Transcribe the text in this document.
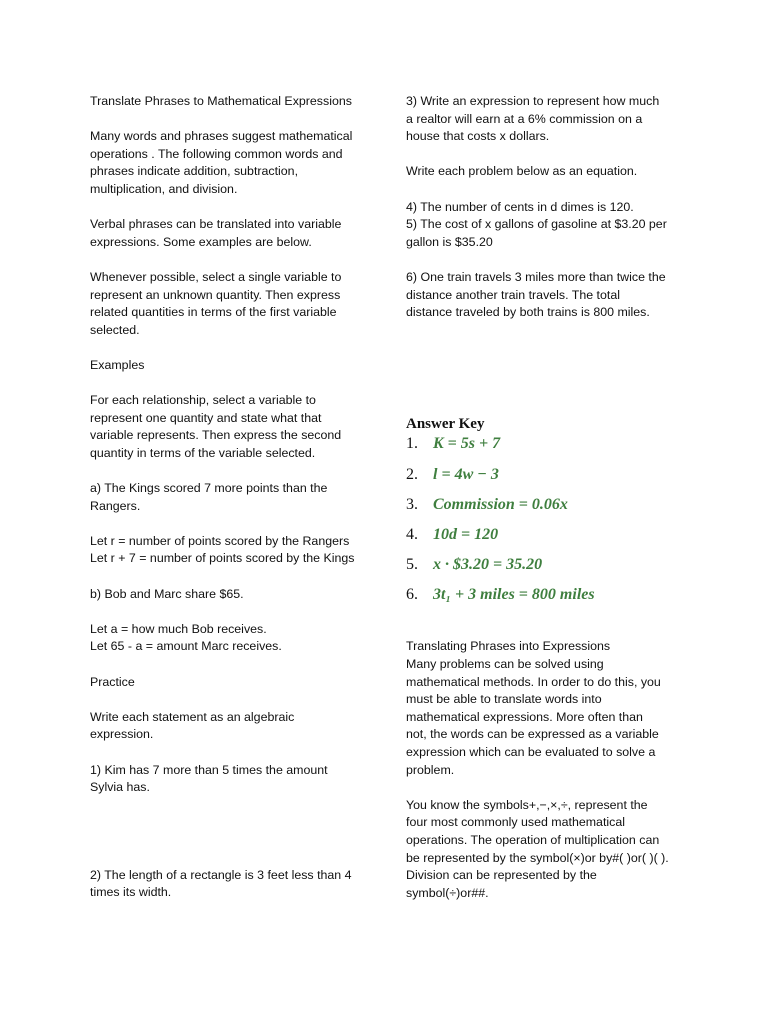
Translate Phrases to Mathematical Expressions

Many words and phrases suggest mathematical
operations . The following common words and
phrases indicate addition, subtraction,
multiplication, and division.

Verbal phrases can be translated into variable
expressions. Some examples are below.

Whenever possible, select a single variable to
represent an unknown quantity. Then express
related quantities in terms of the first variable
selected.

Examples

For each relationship, select a variable to
represent one quantity and state what that
variable represents. Then express the second
quantity in terms of the variable selected.

a) The Kings scored 7 more points than the
Rangers.

Let r = number of points scored by the Rangers
Let r + 7 = number of points scored by the Kings

b) Bob and Marc share $65.

Let a = how much Bob receives.
Let 65 - a = amount Marc receives.

Practice

Write each statement as an algebraic
expression.

1) Kim has 7 more than 5 times the amount
Sylvia has.

2) The length of a rectangle is 3 feet less than 4
times its width.

3) Write an expression to represent how much
a realtor will earn at a 6% commission on a
house that costs x dollars.

Write each problem below as an equation.

4) The number of cents in d dimes is 120.
5) The cost of x gallons of gasoline at $3.20 per
gallon is $35.20

6) One train travels 3 miles more than twice the
distance another train travels. The total
distance traveled by both trains is 800 miles.

Answer Key
1. K = 5s + 7
2. l = 4w − 3
3. Commission = 0.06x
4. 10d = 120
5. x · $3.20 = 35.20
6. 3t₁ + 3 miles = 800 miles

Translating Phrases into Expressions

Many problems can be solved using
mathematical methods. In order to do this, you
must be able to translate words into
mathematical expressions. More often than
not, the words can be expressed as a variable
expression which can be evaluated to solve a
problem.

You know the symbols+,−,×,÷, represent the
four most commonly used mathematical
operations. The operation of multiplication can
be represented by the symbol(×)or by#( )or( )( ).
Division can be represented by the
symbol(÷)or##.
